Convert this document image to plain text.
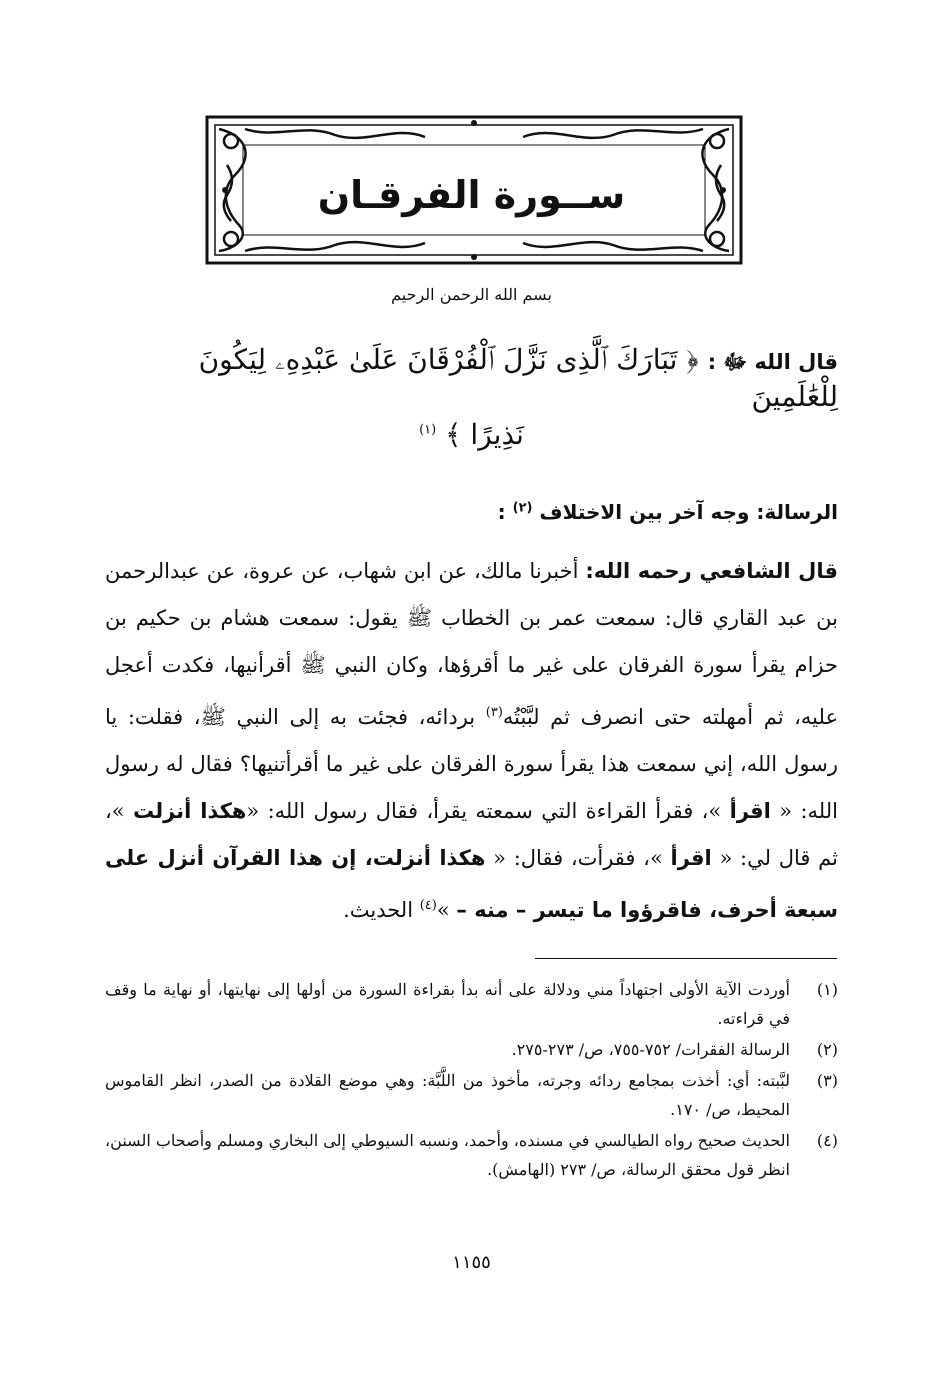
ســورة الفرقـان
بسم الله الرحمن الرحيم
قال الله ﷻ : ﴿ تَبَارَكَ ٱلَّذِى نَزَّلَ ٱلْفُرْقَانَ عَلَىٰ عَبْدِهِۦ لِيَكُونَ لِلْعَٰلَمِينَ
نَذِيرًا ﴾ $^{(١)}$
الرسالة: وجه آخر بين الاختلاف $^{(٢)}$ :

قال الشافعي رحمه الله: أخبرنا مالك، عن ابن شهاب، عن عروة، عن عبدالرحمن بن عبد القاري قال: سمعت عمر بن الخطاب ﷺ يقول: سمعت هشام بن حكيم بن حزام يقرأ سورة الفرقان على غير ما أقرؤها، وكان النبي ﷺ أقرأنيها، فكدت أعجل عليه، ثم أمهلته حتى انصرف ثم لبَّبْتُه$^{(٣)}$ بردائه، فجئت به إلى النبي ﷺ، فقلت: يا رسول الله، إني سمعت هذا يقرأ سورة الفرقان على غير ما أقرأتنيها؟ فقال له رسول الله: « اقرأ »، فقرأ القراءة التي سمعته يقرأ، فقال رسول الله: «هكذا أنزلت »، ثم قال لي: « اقرأ »، فقرأت، فقال: « هكذا أنزلت، إن هذا القرآن أنزل على سبعة أحرف، فاقرؤوا ما تيسر – منه – »$^{(٤)}$ الحديث.

(١)
أوردت الآية الأولى اجتهاداً مني ودلالة على أنه بدأ بقراءة السورة من أولها إلى نهايتها، أو نهاية ما وقف في قراءته.
(٢)
الرسالة الفقرات/ ٧٥٢-٧٥٥، ص/ ٢٧٣-٢٧٥.
(٣)
لبَّبته: أي: أخذت بمجامع ردائه وجرته، مأخوذ من اللَّبَّة: وهي موضع القلادة من الصدر، انظر القاموس المحيط، ص/ ١٧٠.
(٤)
الحديث صحيح رواه الطيالسي في مسنده، وأحمد، ونسبه السيوطي إلى البخاري ومسلم وأصحاب السنن، انظر قول محقق الرسالة، ص/ ٢٧٣ (الهامش).
١١٥٥
